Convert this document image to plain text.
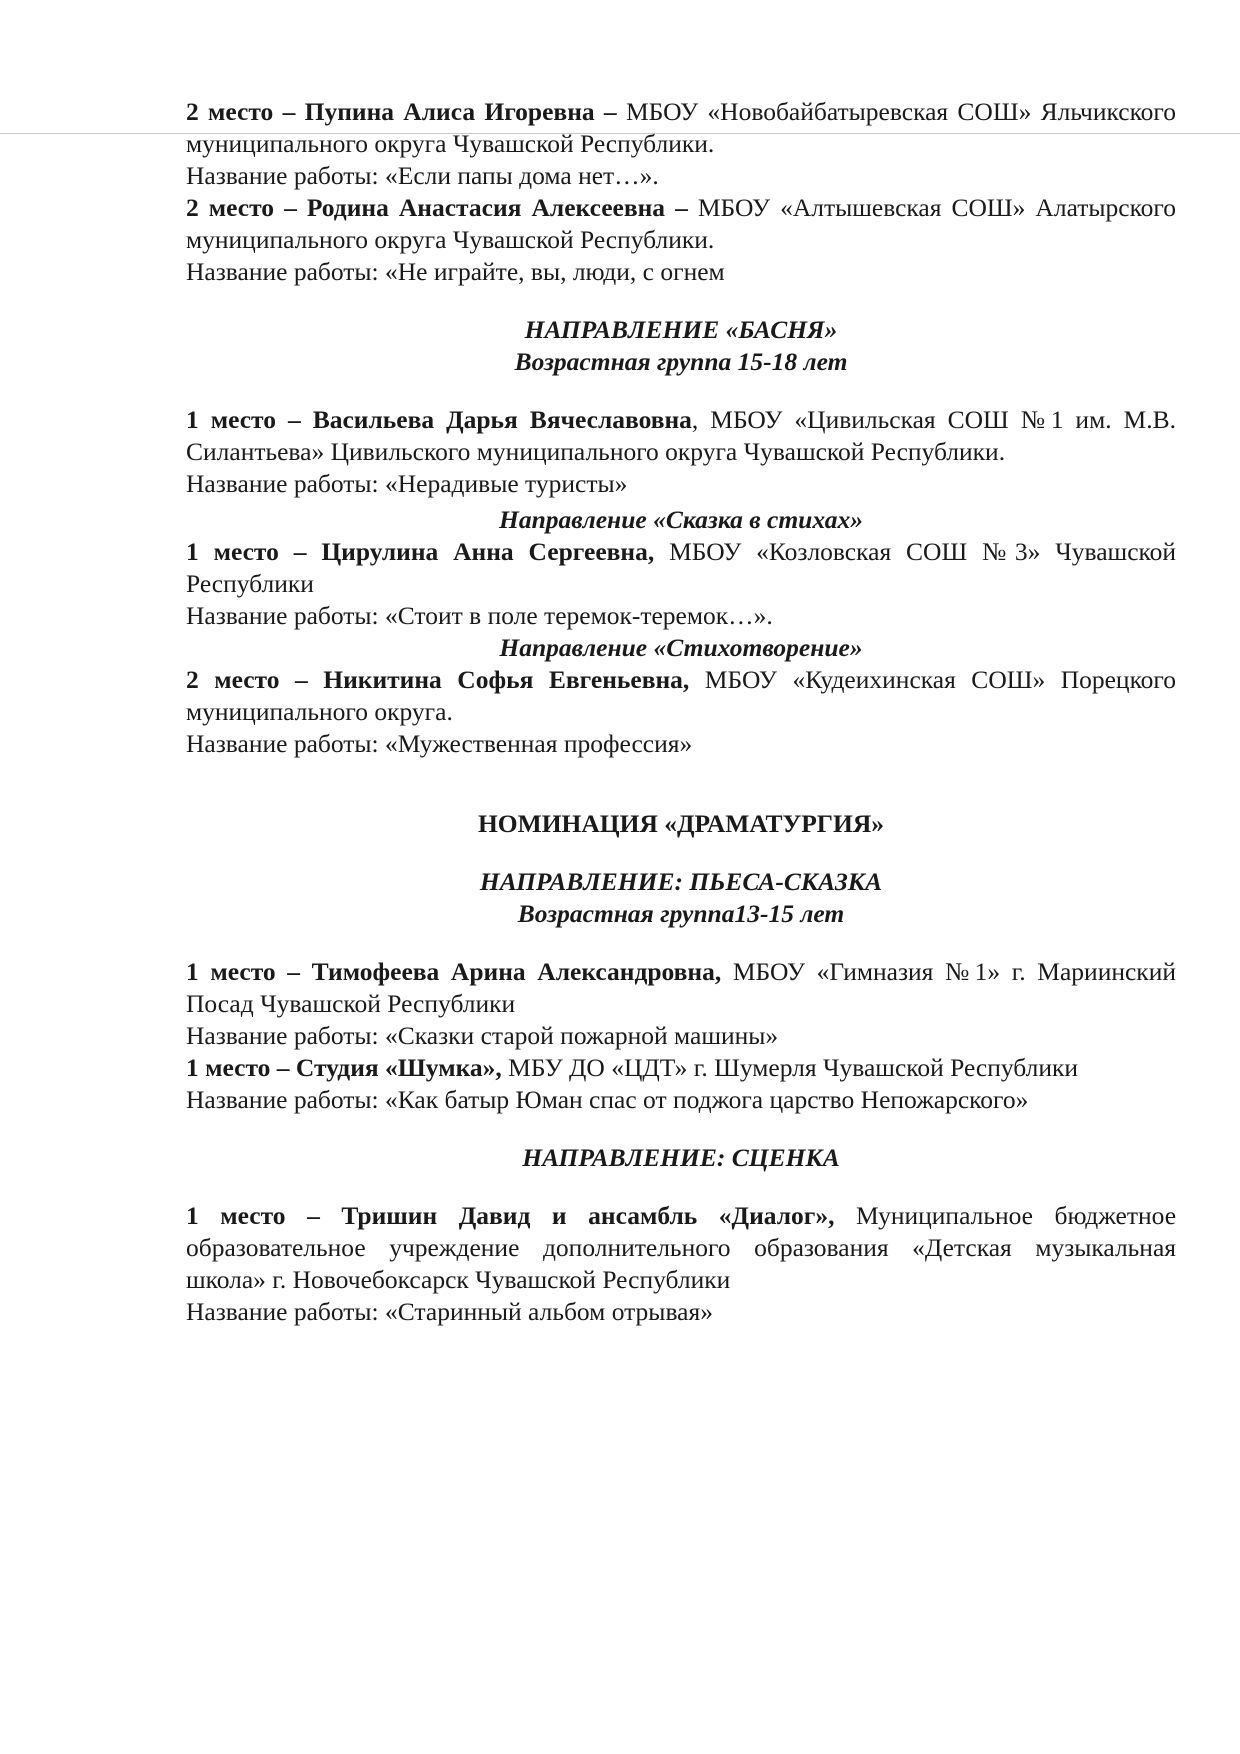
2 место – Пупина Алиса Игоревна – МБОУ «Новобайбатыревская СОШ» Яльчикского муниципального округа Чувашской Республики.

Название работы: «Если папы дома нет…».

2 место – Родина Анастасия Алексеевна – МБОУ «Алтышевская СОШ» Алатырского муниципального округа Чувашской Республики.

Название работы: «Не играйте, вы, люди, с огнем

НАПРАВЛЕНИЕ «БАСНЯ»

Возрастная группа 15-18 лет

1 место – Васильева Дарья Вячеславовна, МБОУ «Цивильская СОШ №1 им. М.В. Силантьева» Цивильского муниципального округа Чувашской Республики.

Название работы: «Нерадивые туристы»

Направление «Сказка в стихах»

1 место – Цирулина Анна Сергеевна, МБОУ «Козловская СОШ №3» Чувашской Республики

Название работы: «Стоит в поле теремок-теремок…».

Направление «Стихотворение»

2 место – Никитина Софья Евгеньевна, МБОУ «Кудеихинская СОШ» Порецкого муниципального округа.

Название работы: «Мужественная профессия»

НОМИНАЦИЯ «ДРАМАТУРГИЯ»

НАПРАВЛЕНИЕ: ПЬЕСА-СКАЗКА

Возрастная группа13-15 лет

1 место – Тимофеева Арина Александровна, МБОУ «Гимназия №1» г. Мариинский Посад Чувашской Республики

Название работы: «Сказки старой пожарной машины»

1 место – Студия «Шумка», МБУ ДО «ЦДТ» г. Шумерля Чувашской Республики

Название работы: «Как батыр Юман спас от поджога царство Непожарского»

НАПРАВЛЕНИЕ: СЦЕНКА

1 место – Тришин Давид и ансамбль «Диалог», Муниципальное бюджетное образовательное учреждение дополнительного образования «Детская музыкальная школа» г. Новочебоксарск Чувашской Республики

Название работы: «Старинный альбом отрывая»
